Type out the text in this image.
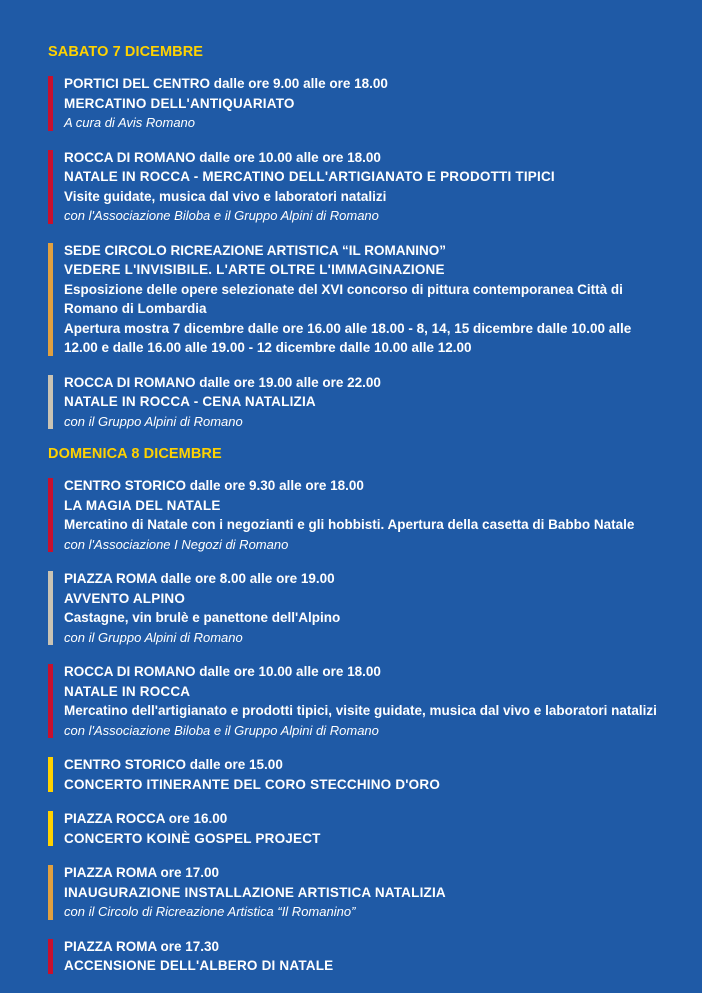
SABATO 7 DICEMBRE
PORTICI DEL CENTRO dalle ore 9.00 alle ore 18.00
MERCATINO DELL'ANTIQUARIATO
A cura di Avis Romano
ROCCA DI ROMANO dalle ore 10.00 alle ore 18.00
NATALE IN ROCCA - MERCATINO DELL'ARTIGIANATO E PRODOTTI TIPICI
Visite guidate, musica dal vivo e laboratori natalizi
con l'Associazione Biloba e il Gruppo Alpini di Romano
SEDE CIRCOLO RICREAZIONE ARTISTICA “IL ROMANINO”
VEDERE L'INVISIBILE. L'ARTE OLTRE L'IMMAGINAZIONE
Esposizione delle opere selezionate del XVI concorso di pittura contemporanea Città di Romano di Lombardia
Apertura mostra 7 dicembre dalle ore 16.00 alle 18.00 - 8, 14, 15 dicembre dalle 10.00 alle 12.00 e dalle 16.00 alle 19.00 - 12 dicembre dalle 10.00 alle 12.00
ROCCA DI ROMANO dalle ore 19.00 alle ore 22.00
NATALE IN ROCCA - CENA NATALIZIA
con il Gruppo Alpini di Romano
DOMENICA 8 DICEMBRE
CENTRO STORICO dalle ore 9.30 alle ore 18.00
LA MAGIA DEL NATALE
Mercatino di Natale con i negozianti e gli hobbisti. Apertura della casetta di Babbo Natale
con l'Associazione I Negozi di Romano
PIAZZA ROMA dalle ore 8.00 alle ore 19.00
AVVENTO ALPINO
Castagne, vin brulè e panettone dell'Alpino
con il Gruppo Alpini di Romano
ROCCA DI ROMANO dalle ore 10.00 alle ore 18.00
NATALE IN ROCCA
Mercatino dell'artigianato e prodotti tipici, visite guidate, musica dal vivo e laboratori natalizi
con l'Associazione Biloba e il Gruppo Alpini di Romano
CENTRO STORICO dalle ore 15.00
CONCERTO ITINERANTE DEL CORO STECCHINO D'ORO
PIAZZA ROCCA ore 16.00
CONCERTO KOINÈ GOSPEL PROJECT
PIAZZA ROMA ore 17.00
INAUGURAZIONE INSTALLAZIONE ARTISTICA NATALIZIA
con il Circolo di Ricreazione Artistica “Il Romanino”
PIAZZA ROMA ore 17.30
ACCENSIONE DELL'ALBERO DI NATALE
